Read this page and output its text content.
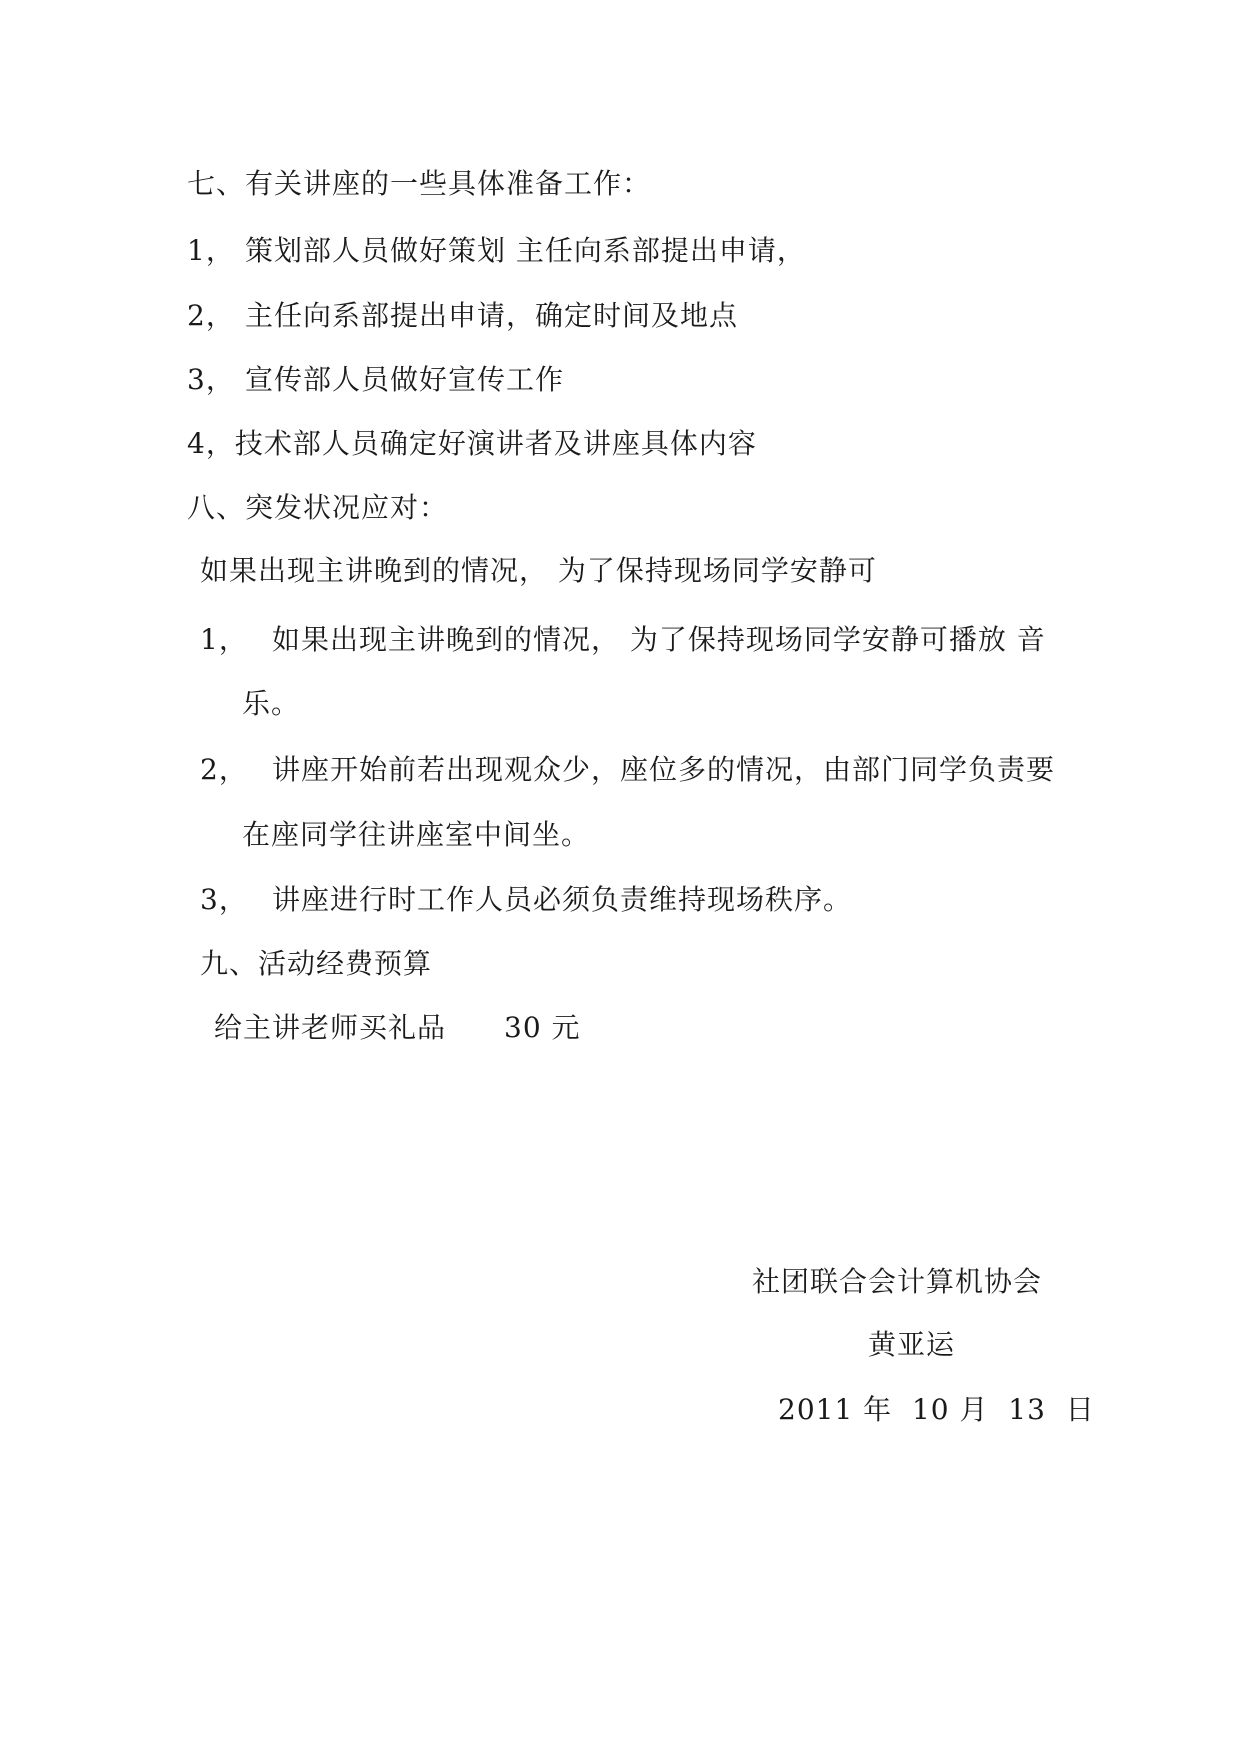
七、有关讲座的一些具体准备工作：
1， 策划部人员做好策划 主任向系部提出申请，
2， 主任向系部提出申请，确定时间及地点
3， 宣传部人员做好宣传工作
4，技术部人员确定好演讲者及讲座具体内容
八、突发状况应对：
如果出现主讲晚到的情况， 为了保持现场同学安静可
1， 如果出现主讲晚到的情况， 为了保持现场同学安静可播放 音
乐。
2， 讲座开始前若出现观众少，座位多的情况，由部门同学负责要
在座同学往讲座室中间坐。
3， 讲座进行时工作人员必须负责维持现场秩序。
九、活动经费预算
给主讲老师买礼品 30 元
社团联合会计算机协会
黄亚运
2011 年  10 月  13  日
